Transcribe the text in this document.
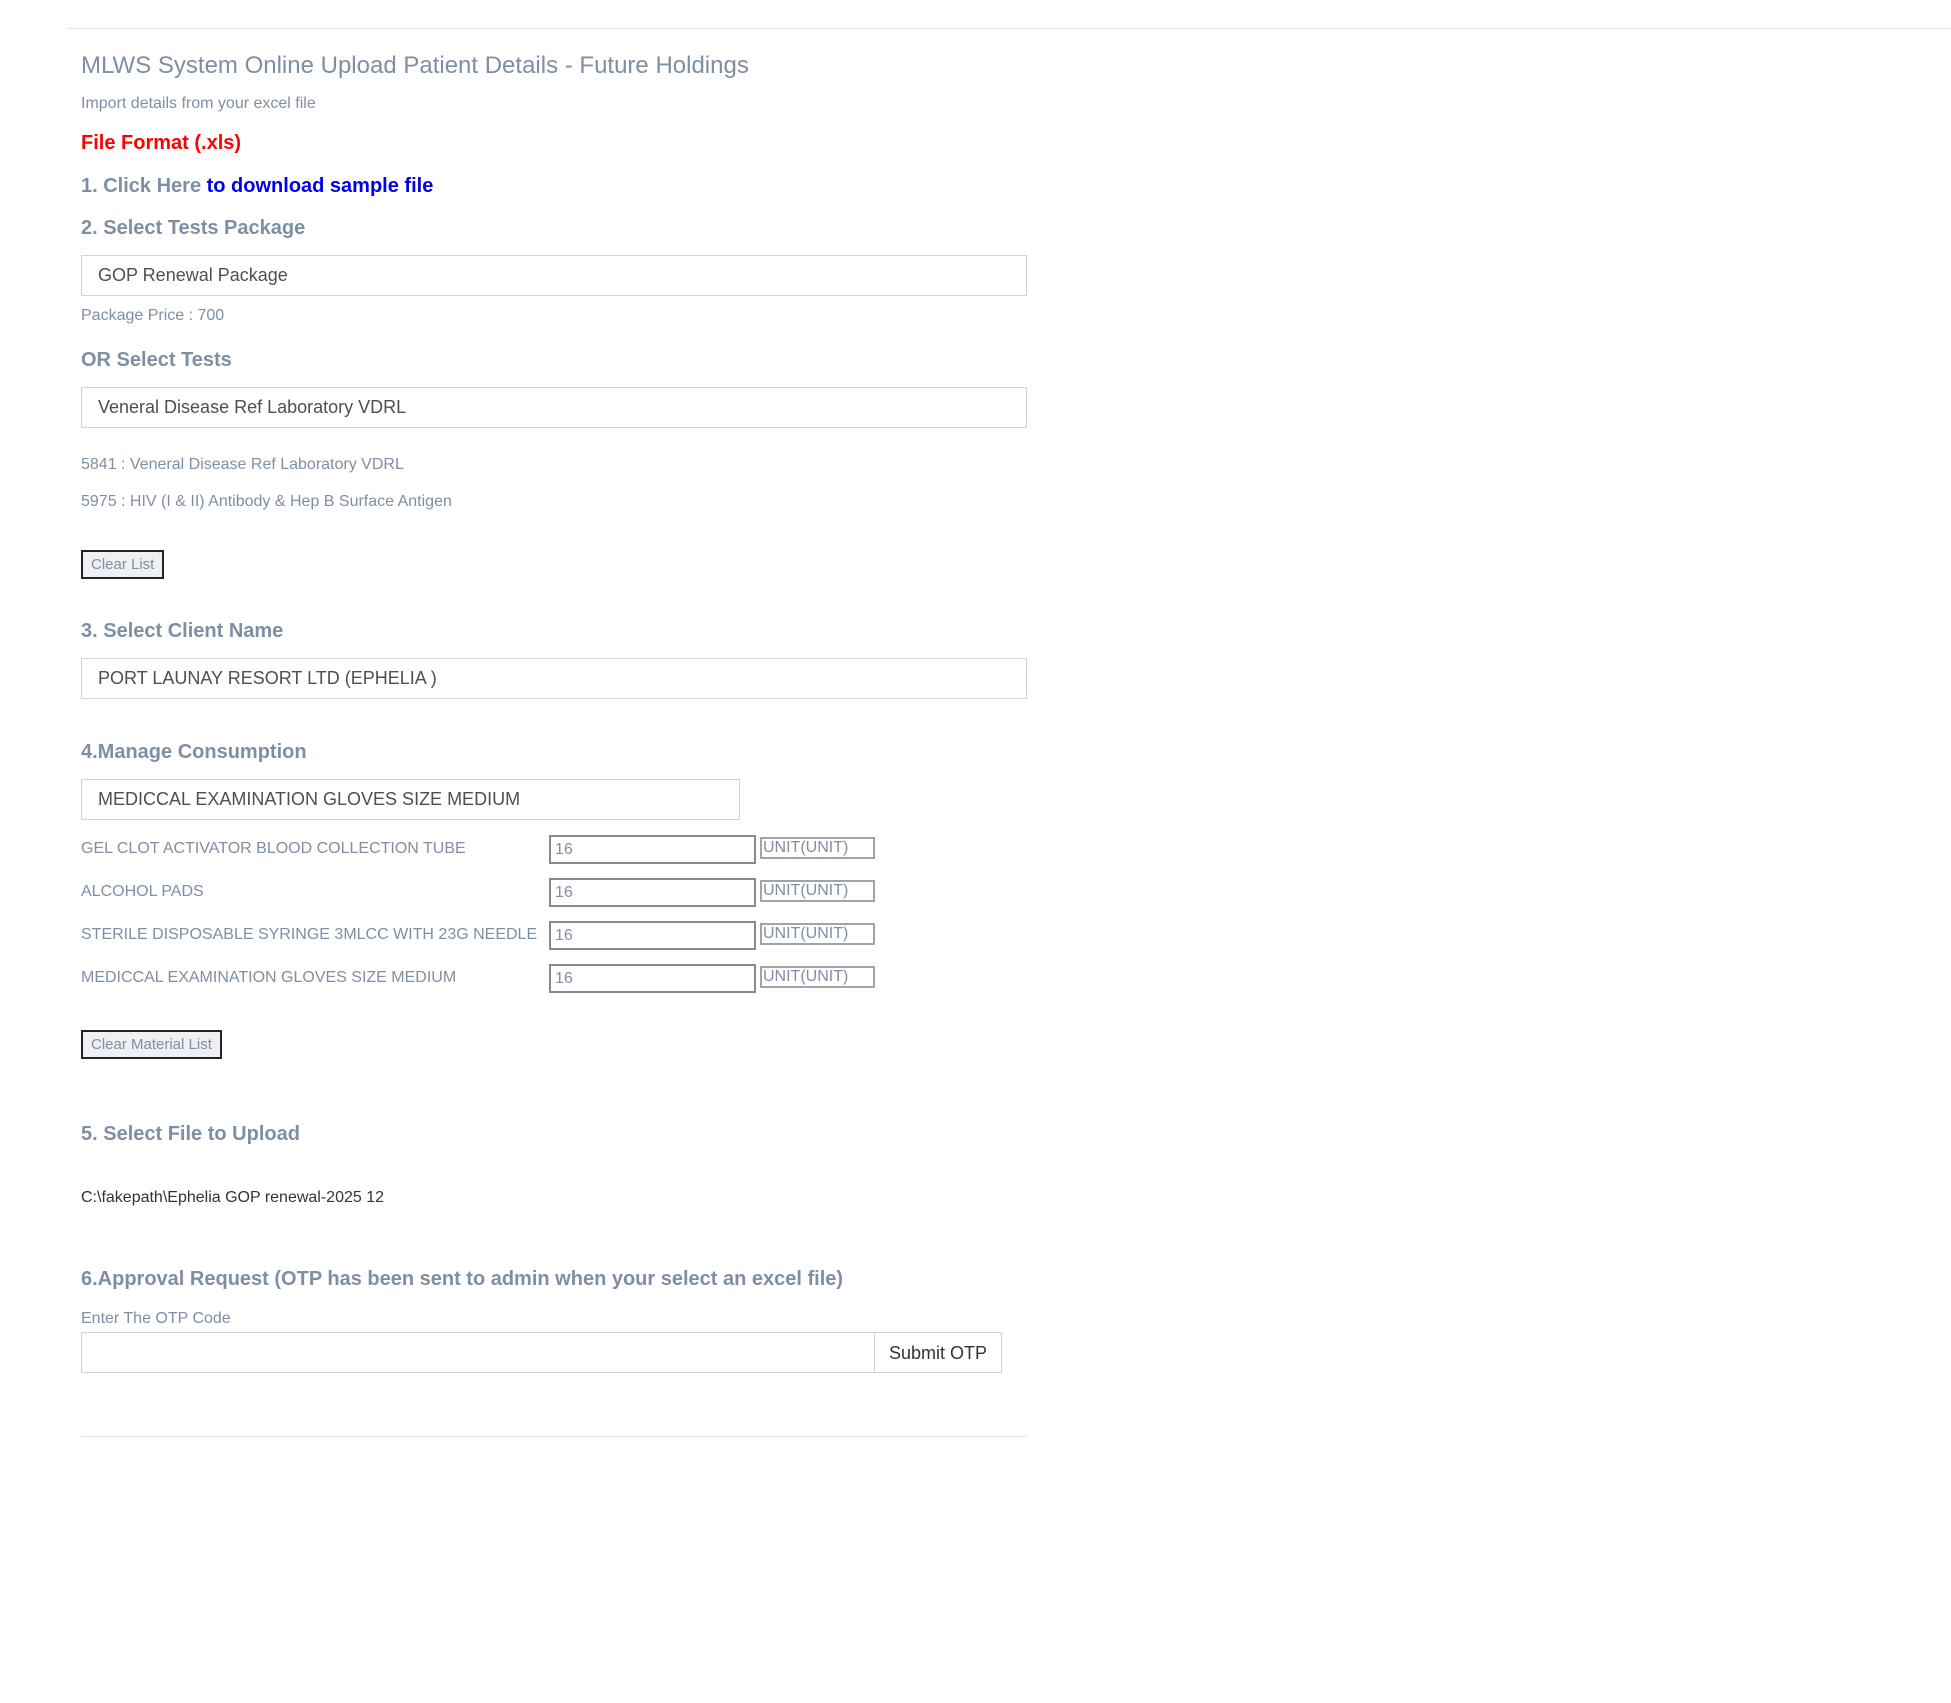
MLWS System Online Upload Patient Details - Future Holdings
Import details from your excel file
File Format (.xls)
1. Click Here to download sample file
2. Select Tests Package
GOP Renewal Package
Package Price : 700
OR Select Tests
Veneral Disease Ref Laboratory VDRL
5841 : Veneral Disease Ref Laboratory VDRL
5975 : HIV (I & II) Antibody & Hep B Surface Antigen
Clear List
3. Select Client Name
PORT LAUNAY RESORT LTD (EPHELIA )
4.Manage Consumption
MEDICCAL EXAMINATION GLOVES SIZE MEDIUM
GEL CLOT ACTIVATOR BLOOD COLLECTION TUBE
16	UNIT(UNIT)
ALCOHOL PADS
16	UNIT(UNIT)
STERILE DISPOSABLE SYRINGE 3MLCC WITH 23G NEEDLE
16	UNIT(UNIT)
MEDICCAL EXAMINATION GLOVES SIZE MEDIUM
16	UNIT(UNIT)
Clear Material List
5. Select File to Upload
C:\fakepath\Ephelia GOP renewal-2025 12
6.Approval Request (OTP has been sent to admin when your select an excel file)
Enter The OTP Code
Submit OTP
